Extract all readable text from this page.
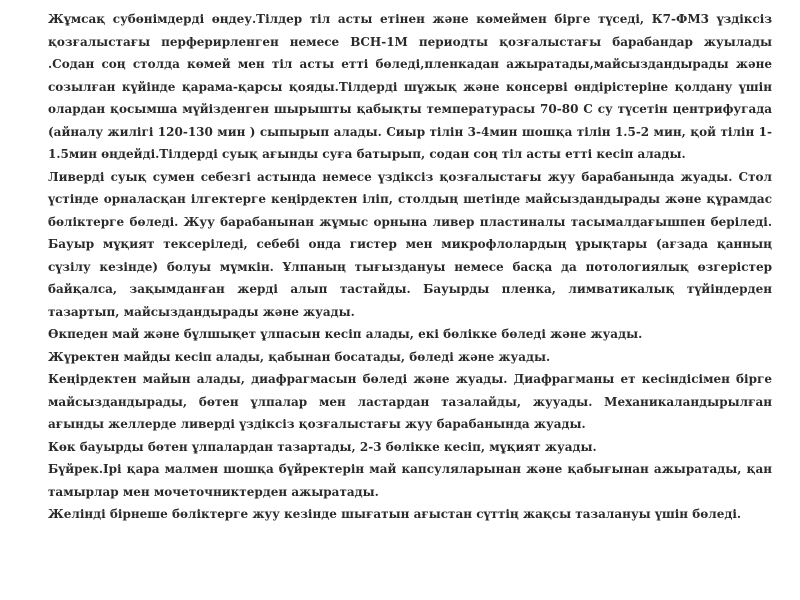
Жұмсақ субөнімдерді өңдеу.Тілдер тіл асты етінен және көмеймен бірге түседі, К7-ФМ3 үздіксіз қозғалыстағы перферирленген немесе ВСН-1М периодты қозғалыстағы барабандар жуылады .Содан соң столда көмей мен тіл асты етті бөледі,пленкадан ажыратады,майсыздандырады және созылған күйінде қарама-қарсы қояды.Тілдерді шұжық және консерві өндірістеріне қолдану үшін олардан қосымша мүйізденген шырышты қабықты температурасы 70-80 С су түсетін центрифугада (айналу жилігі 120-130 мин ) сыпырып алады. Сиыр тілін 3-4мин шошқа тілін 1.5-2 мин, қой тілін 1-1.5мин өңдейді.Тілдерді суық ағынды суға батырып, содан соң тіл асты етті кесіп алады.

Ливерді суық сумен себезгі астында немесе үздіксіз қозғалыстағы жуу барабанында жуады. Стол үстінде орналасқан ілгектерге кеңірдектен іліп, столдың шетінде майсыздандырады және құрамдас бөліктерге бөледі. Жуу барабанынан жұмыс орнына ливер пластиналы тасымалдағышпен беріледі. Бауыр мұқият тексеріледі, себебі онда гистер мен микрофлолардың ұрықтары (ағзада қанның сүзілу кезінде) болуы мүмкін. Ұлпаның тығыздануы немесе басқа да потологиялық өзгерістер байқалса, зақымданған жерді алып тастайды. Бауырды пленка, лимватикалық түйіндерден тазартып, майсыздандырады және жуады.

Өкпеден май және бұлшықет ұлпасын кесіп алады, екі бөлікке бөледі және жуады.

Жүректен майды кесіп алады, қабынан босатады, бөледі және жуады.

Кеңірдектен майын алады, диафрагмасын бөледі және жуады. Диафрагманы ет кесіндісімен бірге майсыздандырады, бөтен ұлпалар мен ластардан тазалайды, жууады. Механикаландырылған ағынды желлерде ливерді үздіксіз қозғалыстағы жуу барабанында жуады.

Көк бауырды бөтен ұлпалардан тазартады, 2-3 бөлікке кесіп, мұқият жуады.

Бүйрек.Ірі қара малмен шошқа бүйректерін май капсуляларынан және қабығынан ажыратады, қан тамырлар мен мочеточниктерден ажыратады.

Желінді бірнеше бөліктерге жуу кезінде шығатын ағыстан сүттің жақсы тазалануы үшін бөледі.
